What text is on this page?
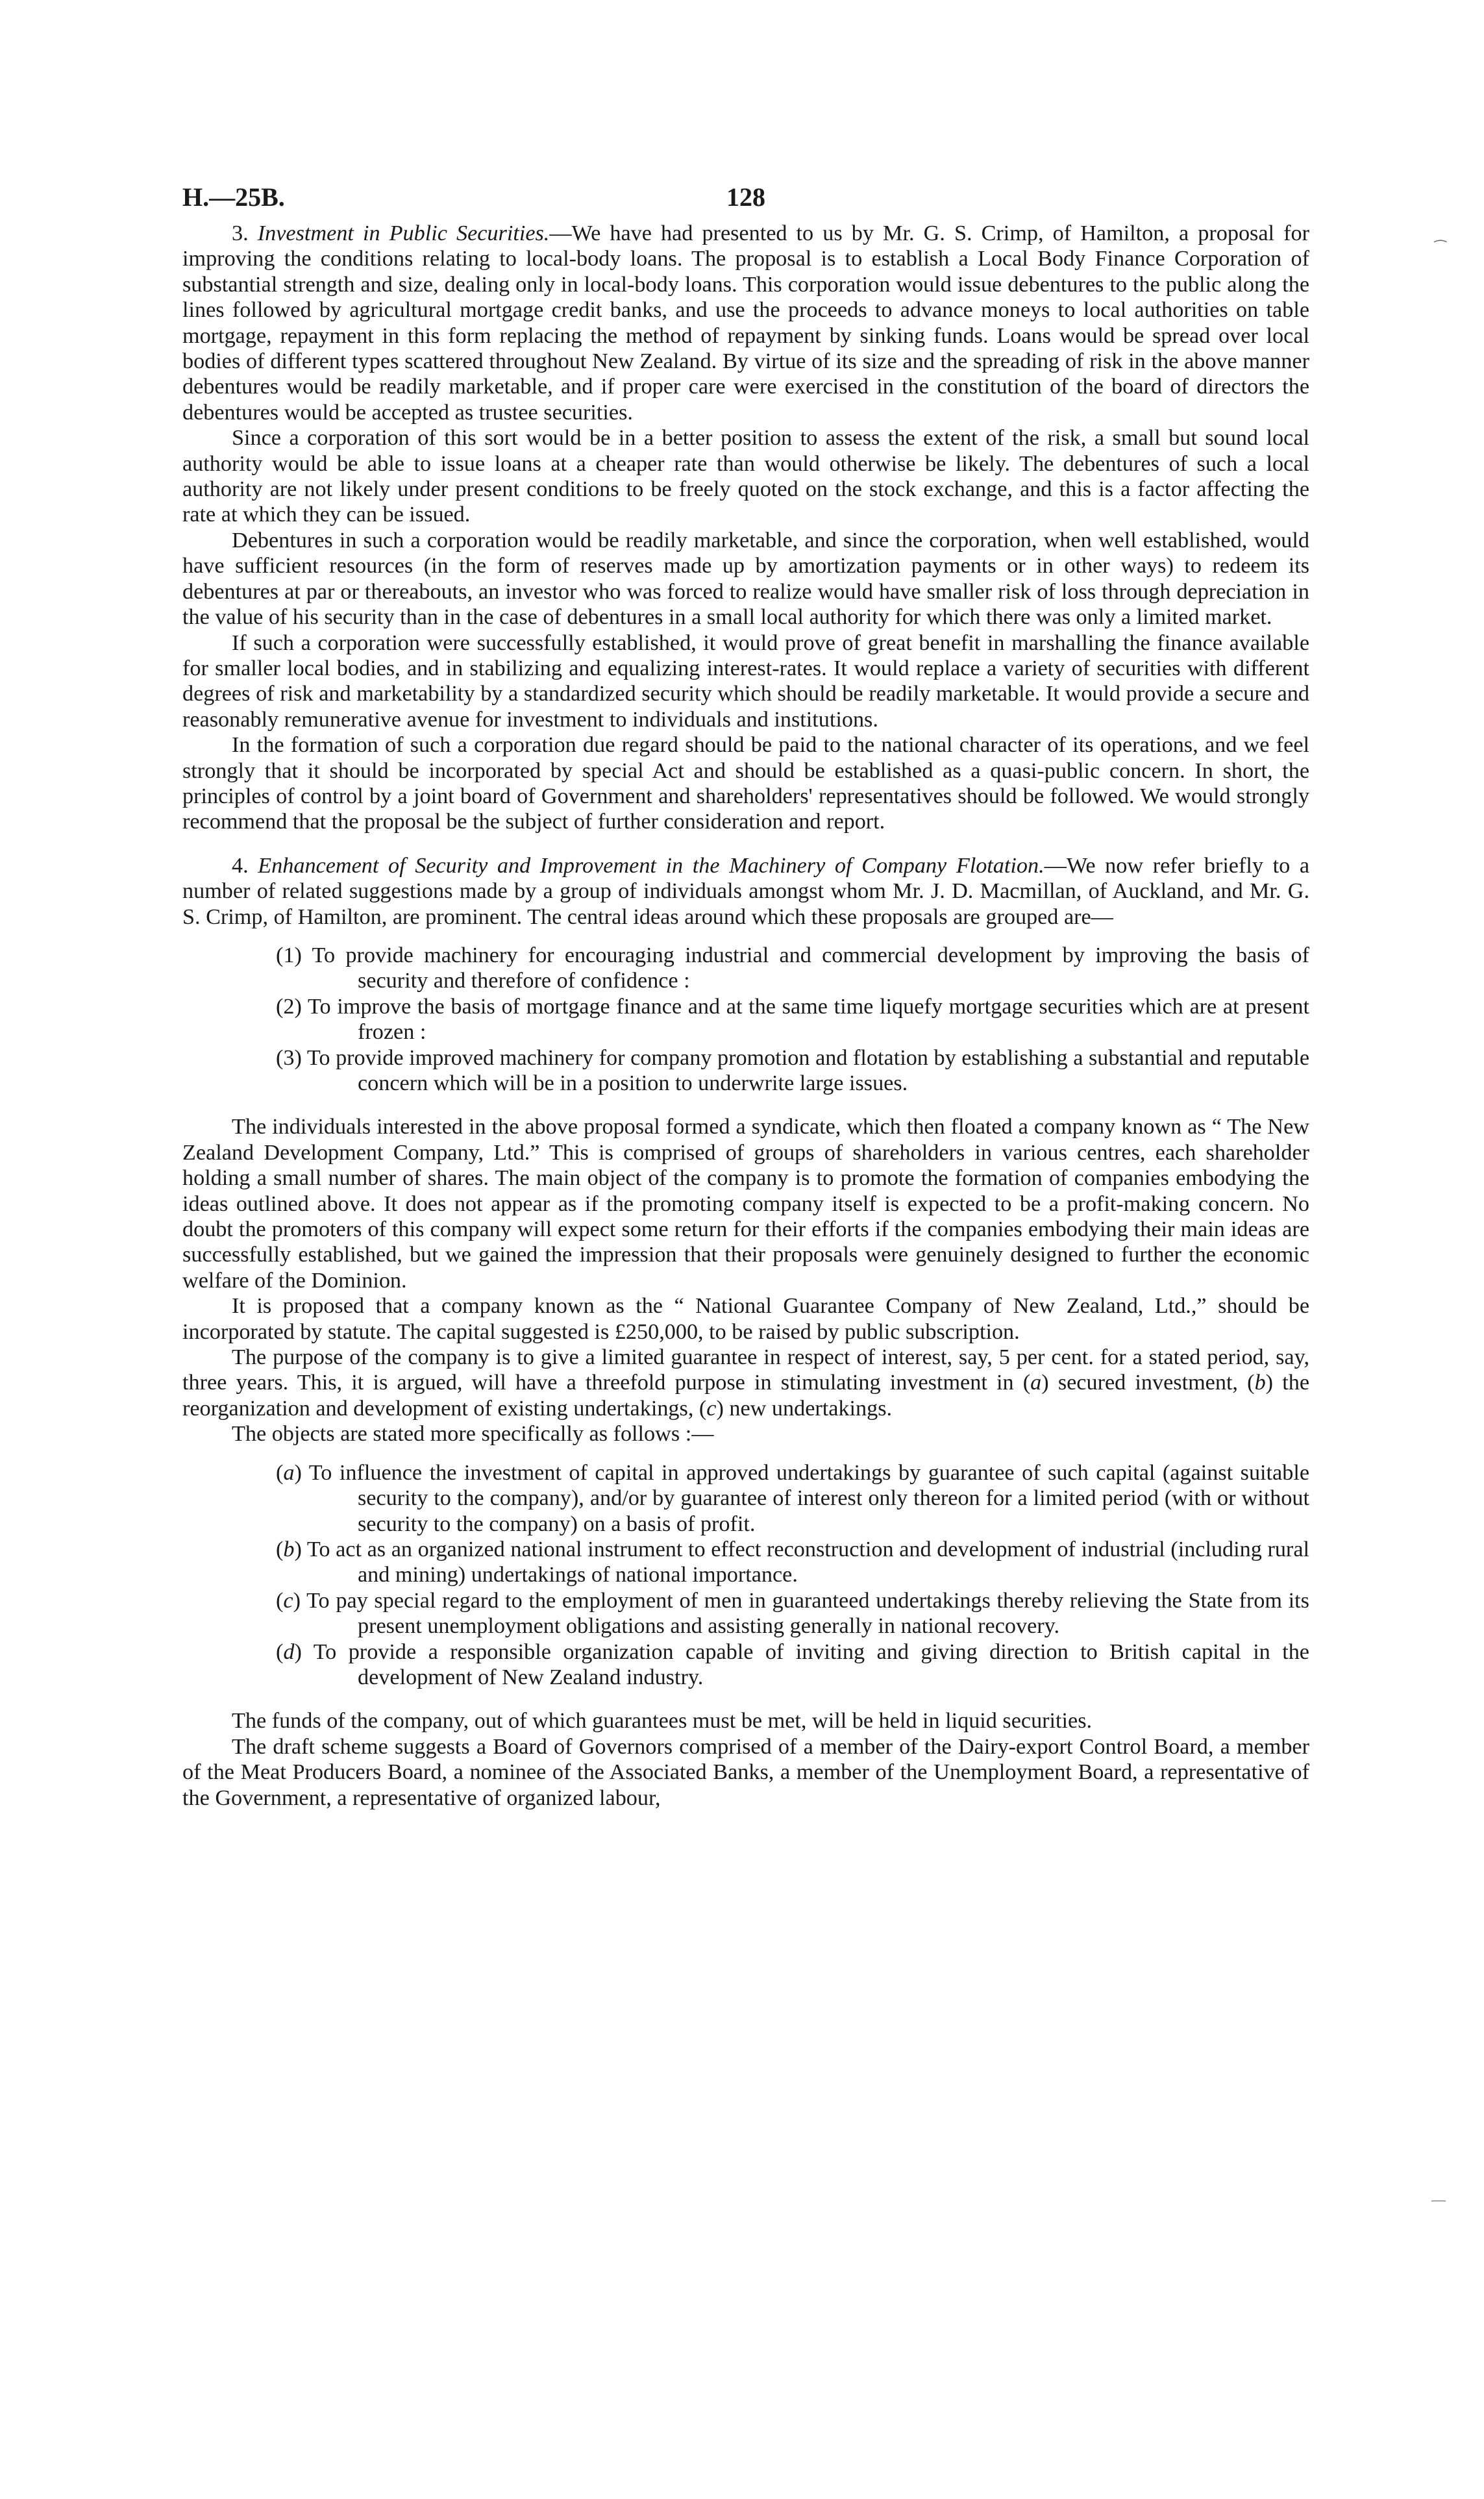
⁀
—
H.—25B.	128

3. Investment in Public Securities.—We have had presented to us by Mr. G. S. Crimp, of Hamilton, a proposal for improving the conditions relating to local-body loans. The proposal is to establish a Local Body Finance Corporation of substantial strength and size, dealing only in local-body loans. This corporation would issue debentures to the public along the lines followed by agricultural mortgage credit banks, and use the proceeds to advance moneys to local authorities on table mortgage, repayment in this form replacing the method of repayment by sinking funds. Loans would be spread over local bodies of different types scattered throughout New Zealand. By virtue of its size and the spreading of risk in the above manner debentures would be readily marketable, and if proper care were exercised in the constitution of the board of directors the debentures would be accepted as trustee securities.

Since a corporation of this sort would be in a better position to assess the extent of the risk, a small but sound local authority would be able to issue loans at a cheaper rate than would otherwise be likely. The debentures of such a local authority are not likely under present conditions to be freely quoted on the stock exchange, and this is a factor affecting the rate at which they can be issued.

Debentures in such a corporation would be readily marketable, and since the corporation, when well established, would have sufficient resources (in the form of reserves made up by amortization payments or in other ways) to redeem its debentures at par or thereabouts, an investor who was forced to realize would have smaller risk of loss through depreciation in the value of his security than in the case of debentures in a small local authority for which there was only a limited market.

If such a corporation were successfully established, it would prove of great benefit in marshalling the finance available for smaller local bodies, and in stabilizing and equalizing interest-rates. It would replace a variety of securities with different degrees of risk and marketability by a standardized security which should be readily marketable. It would provide a secure and reasonably remunerative avenue for investment to individuals and institutions.

In the formation of such a corporation due regard should be paid to the national character of its operations, and we feel strongly that it should be incorporated by special Act and should be established as a quasi-public concern. In short, the principles of control by a joint board of Government and shareholders' representatives should be followed. We would strongly recommend that the proposal be the subject of further consideration and report.

4. Enhancement of Security and Improvement in the Machinery of Company Flotation.—We now refer briefly to a number of related suggestions made by a group of individuals amongst whom Mr. J. D. Macmillan, of Auckland, and Mr. G. S. Crimp, of Hamilton, are prominent. The central ideas around which these proposals are grouped are—

(1) To provide machinery for encouraging industrial and commercial development by improving the basis of security and therefore of confidence :
(2) To improve the basis of mortgage finance and at the same time liquefy mortgage securities which are at present frozen :
(3) To provide improved machinery for company promotion and flotation by establishing a substantial and reputable concern which will be in a position to underwrite large issues.

The individuals interested in the above proposal formed a syndicate, which then floated a company known as “ The New Zealand Development Company, Ltd.” This is comprised of groups of shareholders in various centres, each shareholder holding a small number of shares. The main object of the company is to promote the formation of companies embodying the ideas outlined above. It does not appear as if the promoting company itself is expected to be a profit-making concern. No doubt the promoters of this company will expect some return for their efforts if the companies embodying their main ideas are successfully established, but we gained the impression that their proposals were genuinely designed to further the economic welfare of the Dominion.

It is proposed that a company known as the “ National Guarantee Company of New Zealand, Ltd.,” should be incorporated by statute. The capital suggested is £250,000, to be raised by public subscription.

The purpose of the company is to give a limited guarantee in respect of interest, say, 5 per cent. for a stated period, say, three years. This, it is argued, will have a threefold purpose in stimulating investment in (a) secured investment, (b) the reorganization and development of existing undertakings, (c) new undertakings.

The objects are stated more specifically as follows :—

(a) To influence the investment of capital in approved undertakings by guarantee of such capital (against suitable security to the company), and/or by guarantee of interest only thereon for a limited period (with or without security to the company) on a basis of profit.
(b) To act as an organized national instrument to effect reconstruction and development of industrial (including rural and mining) undertakings of national importance.
(c) To pay special regard to the employment of men in guaranteed undertakings thereby relieving the State from its present unemployment obligations and assisting generally in national recovery.
(d) To provide a responsible organization capable of inviting and giving direction to British capital in the development of New Zealand industry.

The funds of the company, out of which guarantees must be met, will be held in liquid securities.

The draft scheme suggests a Board of Governors comprised of a member of the Dairy-export Control Board, a member of the Meat Producers Board, a nominee of the Associated Banks, a member of the Unemployment Board, a representative of the Government, a representative of organized labour,
